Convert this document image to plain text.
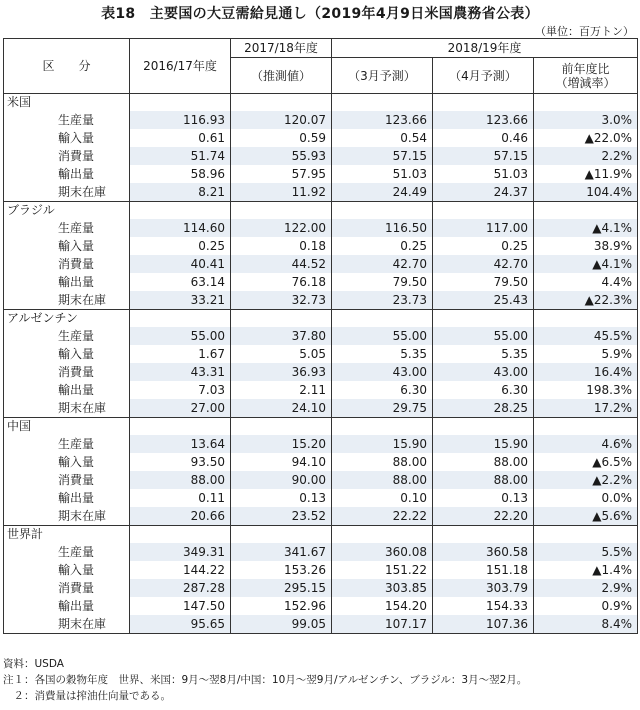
表18　主要国の大豆需給見通し（2019年4月9日米国農務省公表）
（単位：百万トン）
区　　分	2016/17年度	2017/18年度	2018/19年度		
		（推測値）	（3月予測）	（4月予測）	前年度比
（増減率）

米国					
生産量	116.93	120.07	123.66	123.66	3.0%
輸入量	0.61	0.59	0.54	0.46	▲22.0%
消費量	51.74	55.93	57.15	57.15	2.2%
輸出量	58.96	57.95	51.03	51.03	▲11.9%
期末在庫	8.21	11.92	24.49	24.37	104.4%
ブラジル					
生産量	114.60	122.00	116.50	117.00	▲4.1%
輸入量	0.25	0.18	0.25	0.25	38.9%
消費量	40.41	44.52	42.70	42.70	▲4.1%
輸出量	63.14	76.18	79.50	79.50	4.4%
期末在庫	33.21	32.73	23.73	25.43	▲22.3%
アルゼンチン					
生産量	55.00	37.80	55.00	55.00	45.5%
輸入量	1.67	5.05	5.35	5.35	5.9%
消費量	43.31	36.93	43.00	43.00	16.4%
輸出量	7.03	2.11	6.30	6.30	198.3%
期末在庫	27.00	24.10	29.75	28.25	17.2%
中国					
生産量	13.64	15.20	15.90	15.90	4.6%
輸入量	93.50	94.10	88.00	88.00	▲6.5%
消費量	88.00	90.00	88.00	88.00	▲2.2%
輸出量	0.11	0.13	0.10	0.13	0.0%
期末在庫	20.66	23.52	22.22	22.20	▲5.6%
世界計					
生産量	349.31	341.67	360.08	360.58	5.5%
輸入量	144.22	153.26	151.22	151.18	▲1.4%
消費量	287.28	295.15	303.85	303.79	2.9%
輸出量	147.50	152.96	154.20	154.33	0.9%
期末在庫	95.65	99.05	107.17	107.36	8.4%
資料：USDA
注１：各国の穀物年度　世界、米国：9月～翌8月/中国：10月～翌9月/アルゼンチン、ブラジル：3月～翌2月。
　２：消費量は搾油仕向量である。
